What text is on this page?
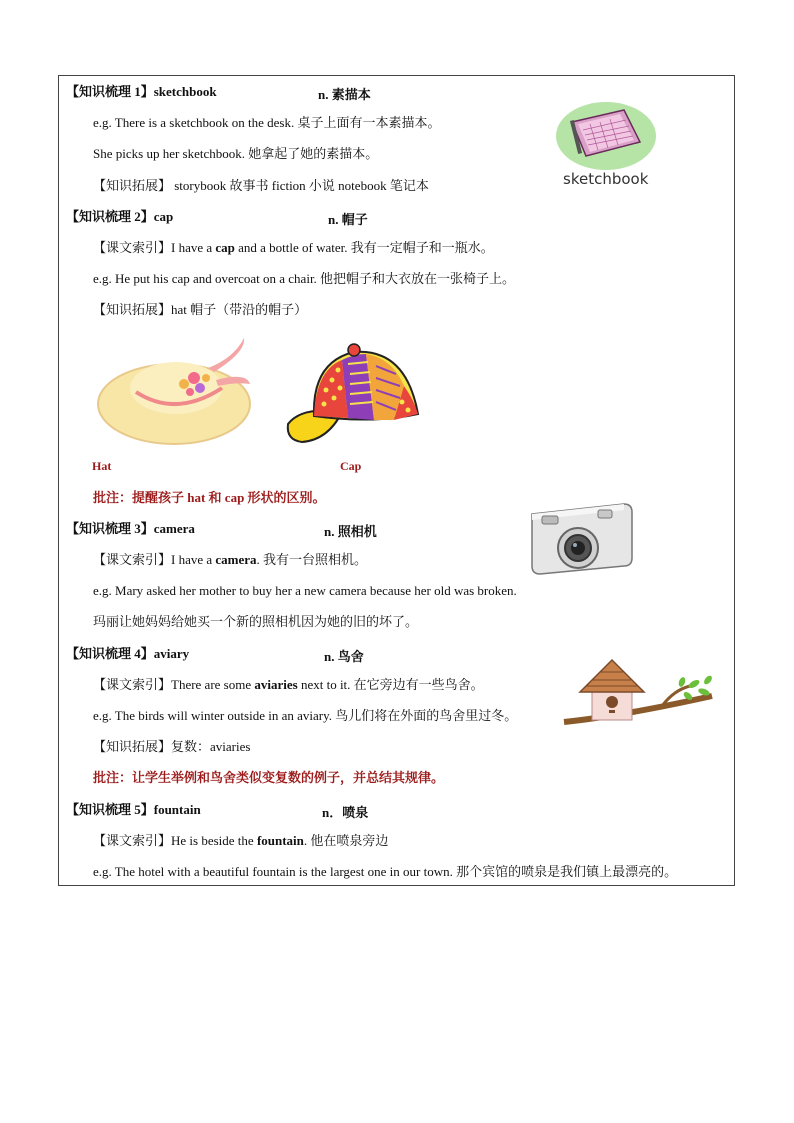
【知识梳理 1】sketchbook	n. 素描本
e.g. There is a sketchbook on the desk. 桌子上面有一本素描本。
She picks up her sketchbook. 她拿起了她的素描本。
【知识拓展】 storybook 故事书 fiction 小说 notebook 笔记本	sketchbook
【知识梳理 2】cap	n. 帽子
【课文索引】I have a cap and a bottle of water. 我有一定帽子和一瓶水。
e.g. He put his cap and overcoat on a chair. 他把帽子和大衣放在一张椅子上。
【知识拓展】hat 帽子（带沿的帽子）
Hat	Cap
批注：提醒孩子 hat 和 cap 形状的区别。
【知识梳理 3】camera	n. 照相机
【课文索引】I have a camera. 我有一台照相机。
e.g. Mary asked her mother to buy her a new camera because her old was broken.
玛丽让她妈妈给她买一个新的照相机因为她的旧的坏了。
【知识梳理 4】aviary	n. 鸟舍
【课文索引】There are some aviaries next to it. 在它旁边有一些鸟舍。
e.g. The birds will winter outside in an aviary. 鸟儿们将在外面的鸟舍里过冬。
【知识拓展】复数：aviaries
批注：让学生举例和鸟舍类似变复数的例子，并总结其规律。
【知识梳理 5】fountain	n．喷泉
【课文索引】He is beside the fountain. 他在喷泉旁边
e.g. The hotel with a beautiful fountain is the largest one in our town. 那个宾馆的喷泉是我们镇上最漂亮的。
